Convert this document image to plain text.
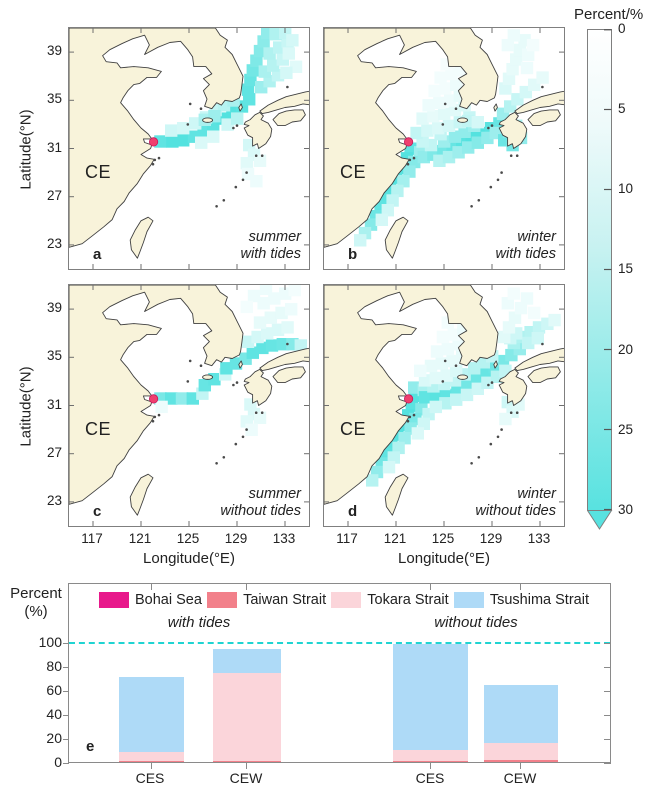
Percent/%
CE
a
summer
with tides
CE
b
winter
with tides
CE
c
summer
without tides
CE
d
winter
without tides
Latitude(°N)
Latitude(°N)
Longitude(°E)	Longitude(°E)
Percent
(%)
Bohai Sea	Taiwan Strait	Tokara Strait	Tsushima Strait
with tides	without tides
e
CES	CEW	CES	CEW
39
35
31
27
23
39
35
31
27
23
117	121	125	129	133	117	121	125	129	133
0
5
10
15
20
25
30
0
20
40
60
80
100
